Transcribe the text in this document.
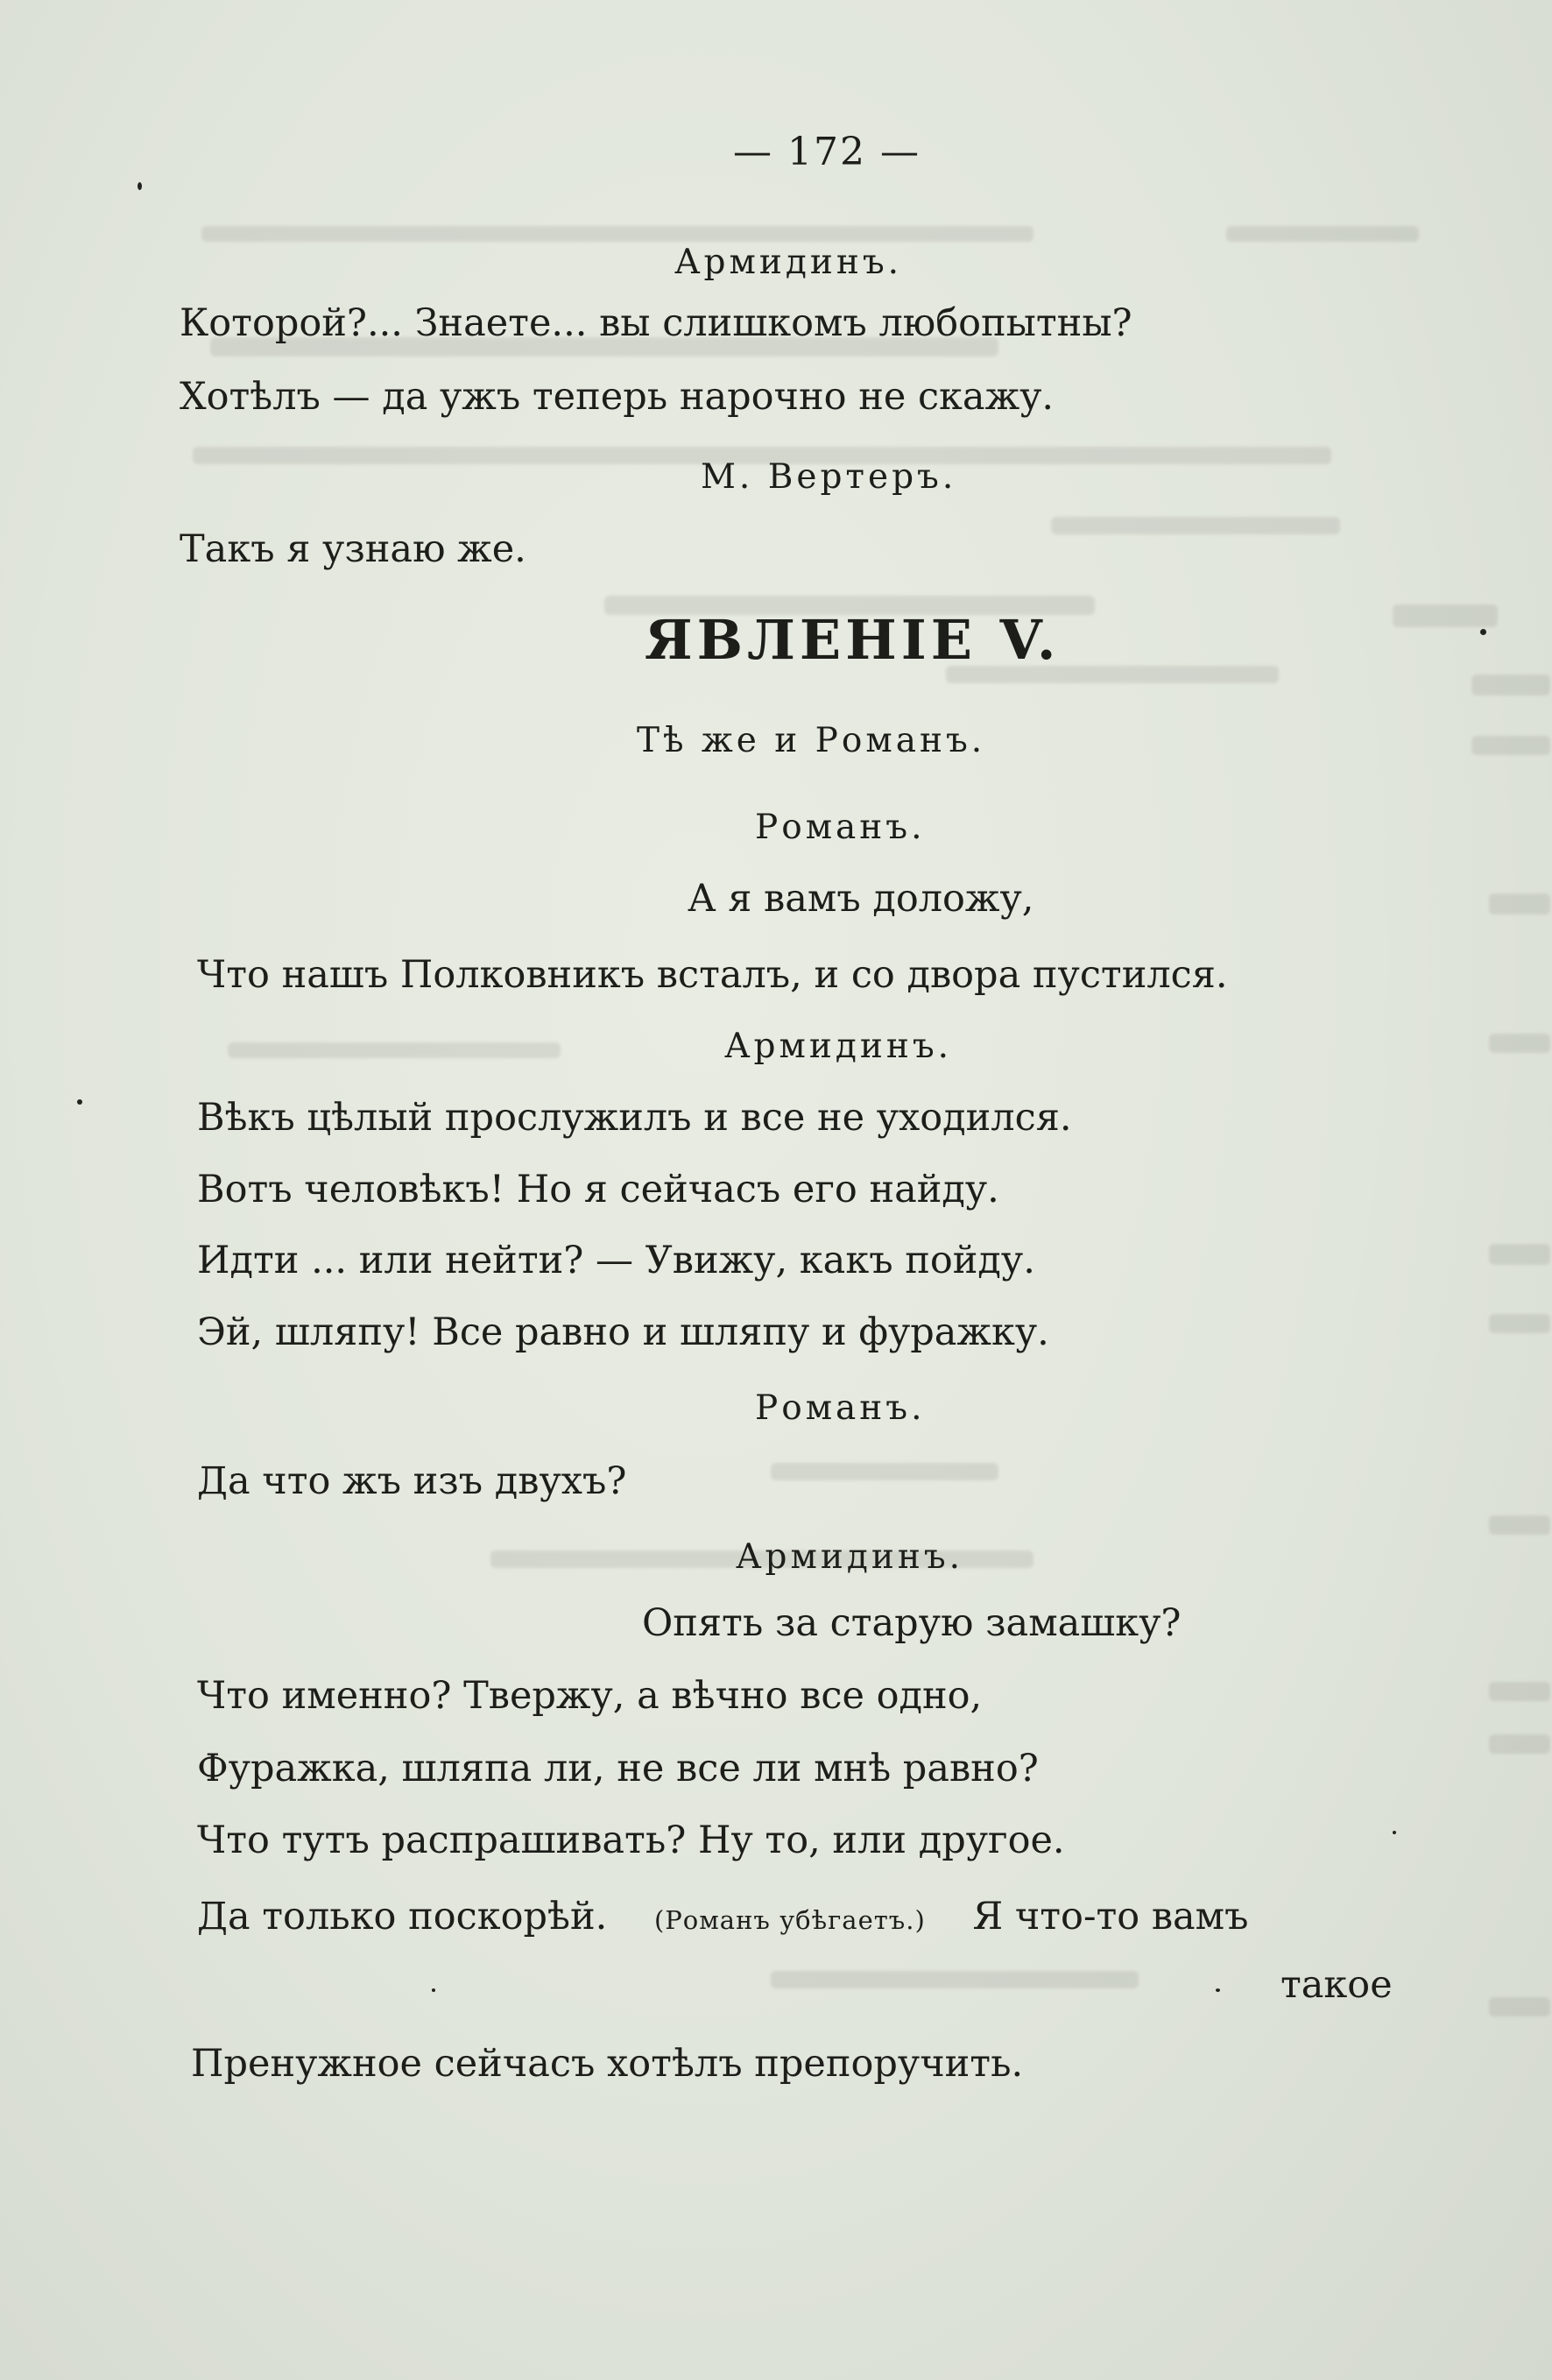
— 172 —
Армидинъ.
Которой?... Знаете... вы слишкомъ любопытны?
Хотѣлъ — да ужъ теперь нарочно не скажу.
М. Вертеръ.
Такъ я узнаю же.
ЯВЛЕНIЕ V.
Тѣ же и Романъ.
Романъ.
А я вамъ доложу,
Что нашъ Полковникъ встaлъ, и со двора пустился.
Армидинъ.
Вѣкъ цѣлый прослужилъ и все не уходился.
Вотъ человѣкъ! Но я сейчасъ его найду.
Идти ... или нейти? — Увижу, какъ пойду.
Эй, шляпу! Все равно и шляпу и фуражку.
Романъ.
Да что жъ изъ двухъ?
Армидинъ.
Опять за старую замашку?
Что именно? Твержу, а вѣчно все одно,
Фуражка, шляпа ли, не все ли мнѣ равно?
Что тутъ распрашивать? Ну то, или другое.
Да только поскорѣй. (Романъ убѣгаетъ.) Я что-то вамъ
такое
Пренужное сейчасъ хотѣлъ препоручить.
